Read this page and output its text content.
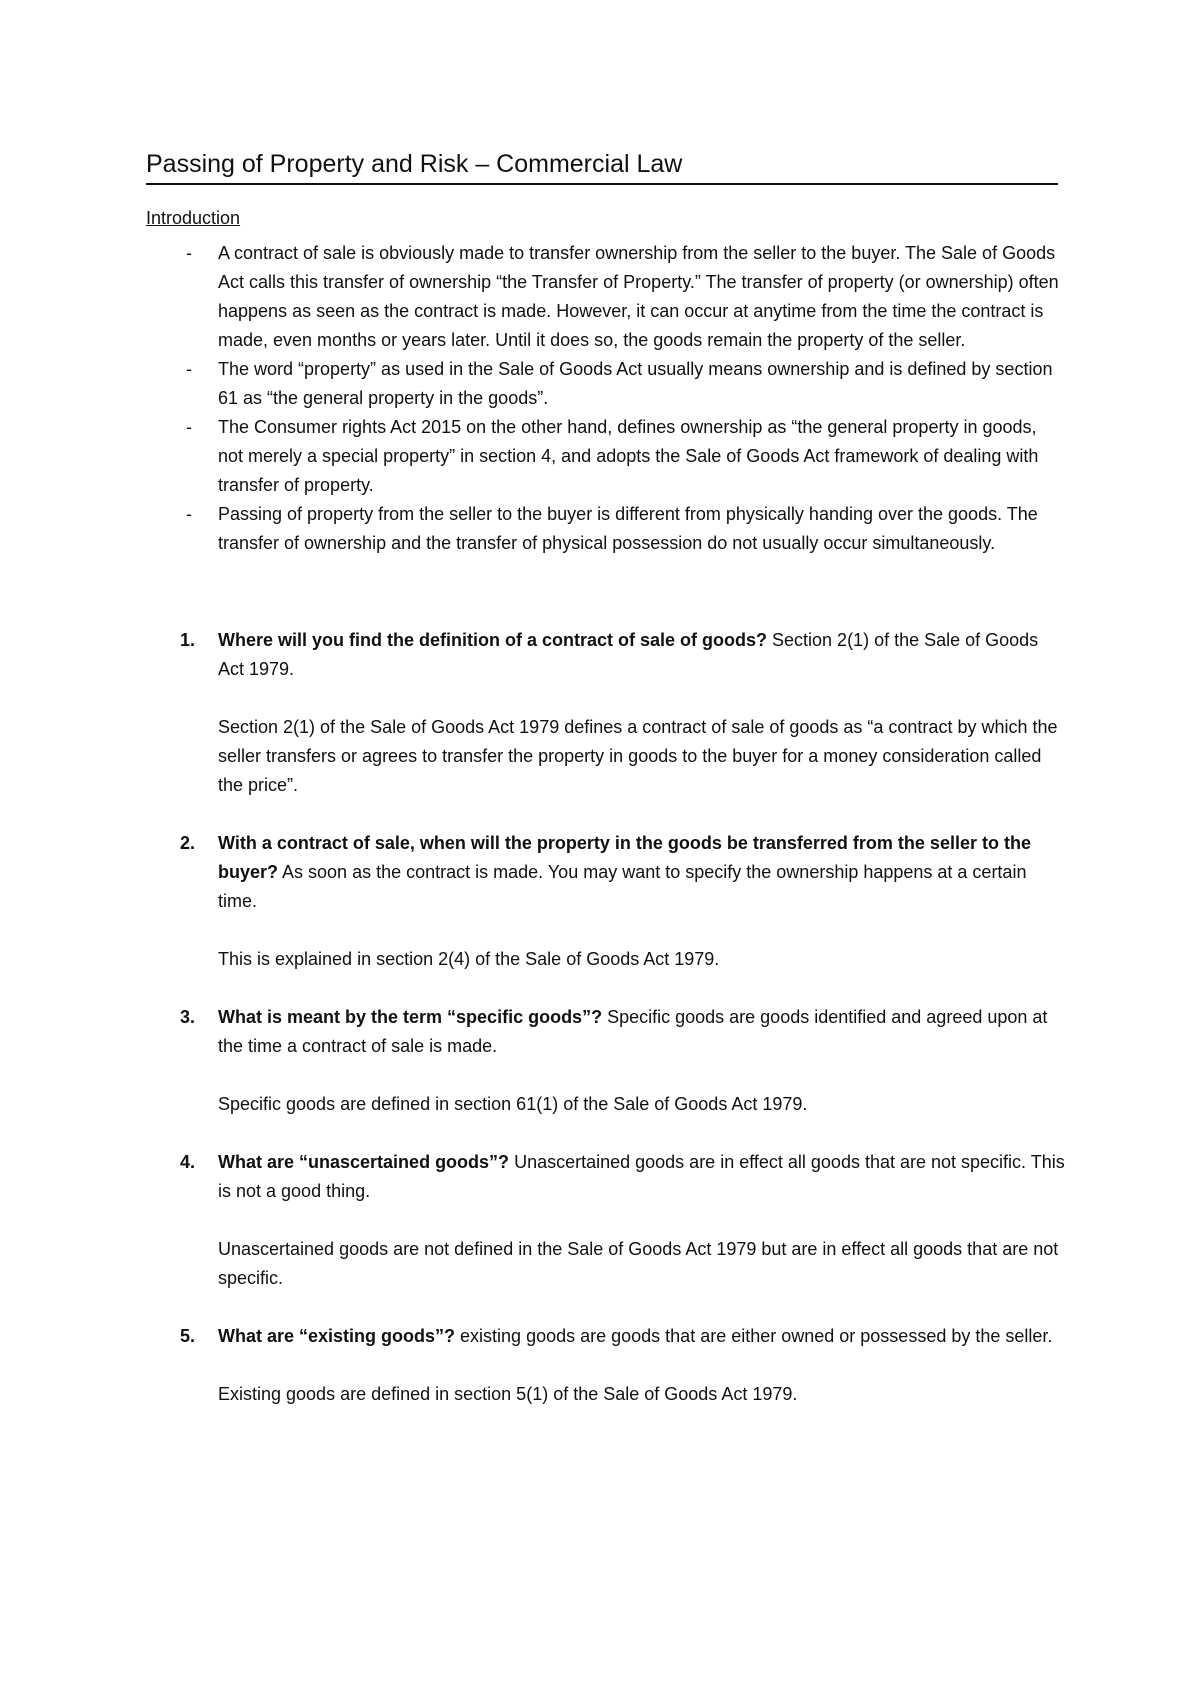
Passing of Property and Risk – Commercial Law
Introduction
- A contract of sale is obviously made to transfer ownership from the seller to the buyer. The Sale of Goods Act calls this transfer of ownership “the Transfer of Property.” The transfer of property (or ownership) often happens as seen as the contract is made. However, it can occur at anytime from the time the contract is made, even months or years later. Until it does so, the goods remain the property of the seller.
- The word “property” as used in the Sale of Goods Act usually means ownership and is defined by section 61 as “the general property in the goods”.
- The Consumer rights Act 2015 on the other hand, defines ownership as “the general property in goods, not merely a special property” in section 4, and adopts the Sale of Goods Act framework of dealing with transfer of property.
- Passing of property from the seller to the buyer is different from physically handing over the goods. The transfer of ownership and the transfer of physical possession do not usually occur simultaneously.
1. Where will you find the definition of a contract of sale of goods? Section 2(1) of the Sale of Goods Act 1979.

Section 2(1) of the Sale of Goods Act 1979 defines a contract of sale of goods as “a contract by which the seller transfers or agrees to transfer the property in goods to the buyer for a money consideration called the price”.

2. With a contract of sale, when will the property in the goods be transferred from the seller to the buyer? As soon as the contract is made. You may want to specify the ownership happens at a certain time.

This is explained in section 2(4) of the Sale of Goods Act 1979.

3. What is meant by the term “specific goods”? Specific goods are goods identified and agreed upon at the time a contract of sale is made.

Specific goods are defined in section 61(1) of the Sale of Goods Act 1979.

4. What are “unascertained goods”? Unascertained goods are in effect all goods that are not specific. This is not a good thing.

Unascertained goods are not defined in the Sale of Goods Act 1979 but are in effect all goods that are not specific.

5. What are “existing goods”? existing goods are goods that are either owned or possessed by the seller.

Existing goods are defined in section 5(1) of the Sale of Goods Act 1979.
